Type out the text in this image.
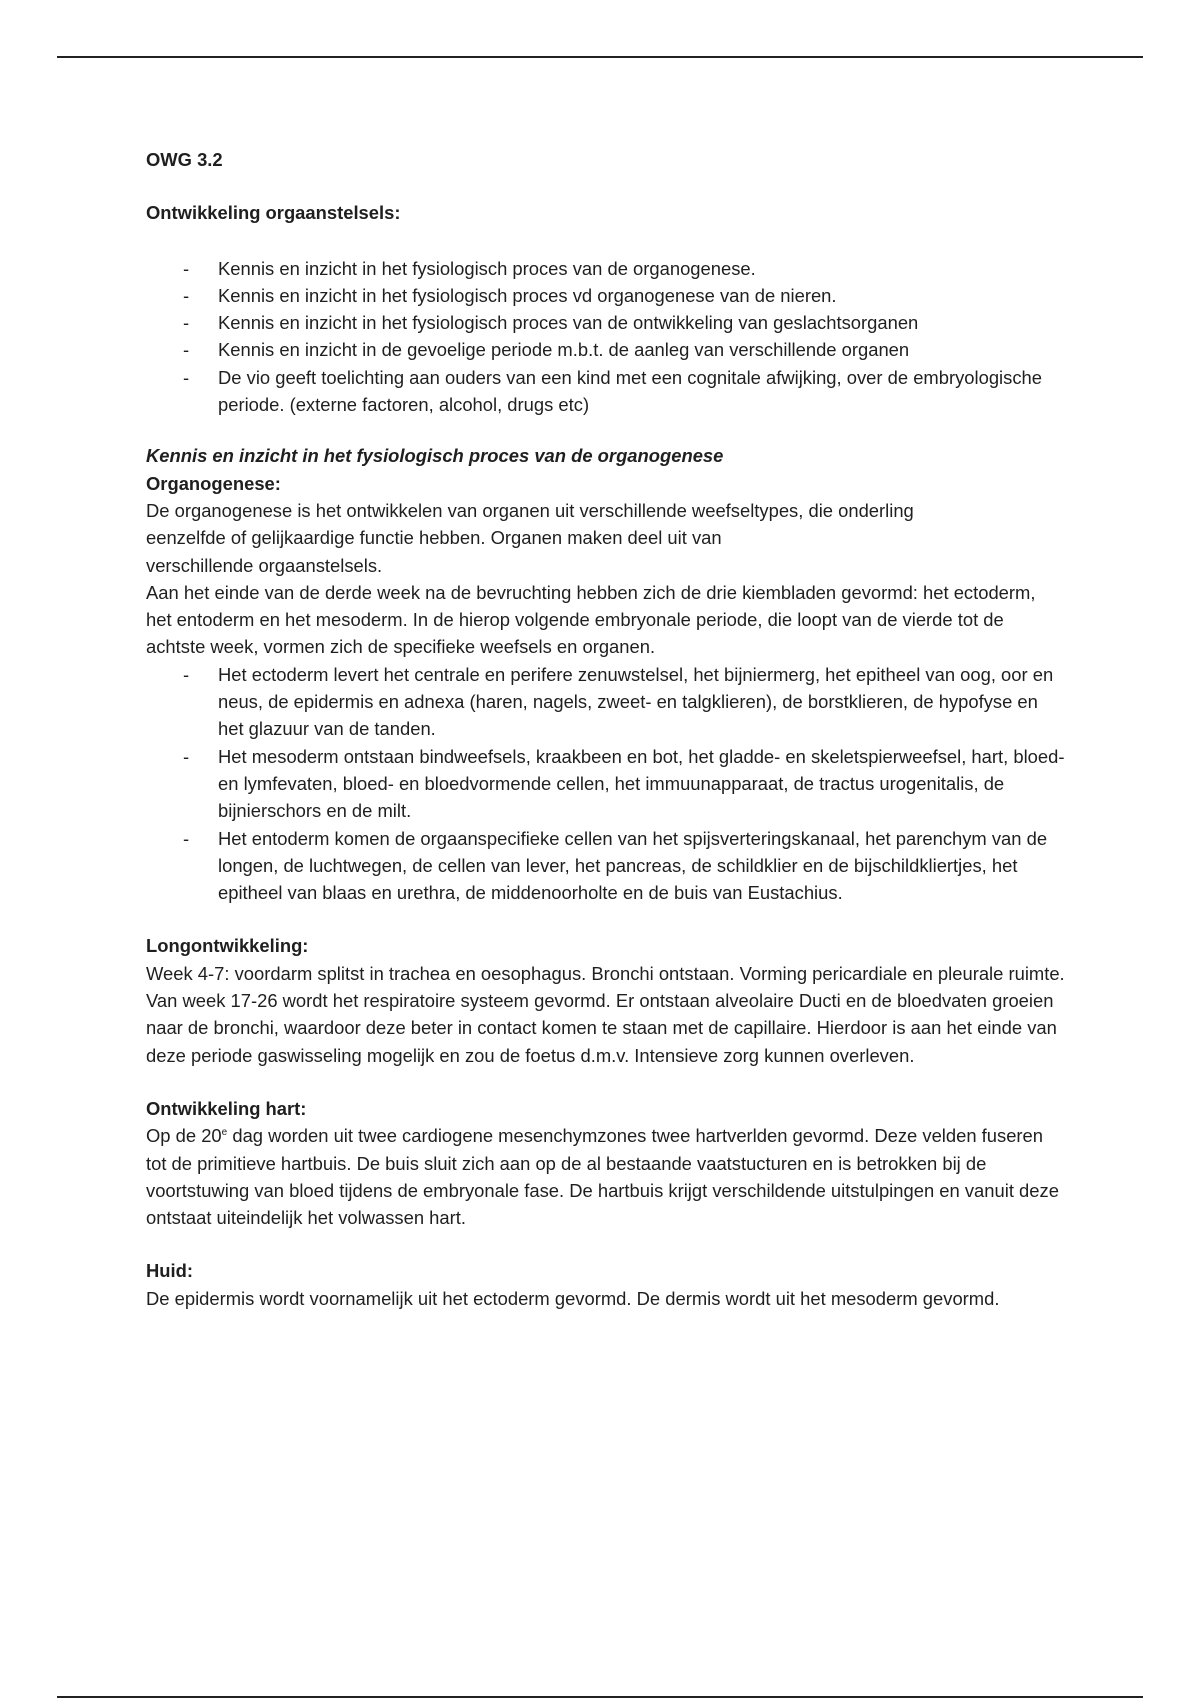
OWG 3.2

Ontwikkeling orgaanstelsels:

- Kennis en inzicht in het fysiologisch proces van de organogenese.
- Kennis en inzicht in het fysiologisch proces vd organogenese van de nieren.
- Kennis en inzicht in het fysiologisch proces van de ontwikkeling van geslachtsorganen
- Kennis en inzicht in de gevoelige periode m.b.t. de aanleg van verschillende organen
- De vio geeft toelichting aan ouders van een kind met een cognitale afwijking, over de embryologische periode. (externe factoren, alcohol, drugs etc)

Kennis en inzicht in het fysiologisch proces van de organogenese

Organogenese:

De organogenese is het ontwikkelen van organen uit verschillende weefseltypes, die onderling

eenzelfde of gelijkaardige functie hebben. Organen maken deel uit van

verschillende orgaanstelsels.

Aan het einde van de derde week na de bevruchting hebben zich de drie kiembladen gevormd: het ectoderm, het entoderm en het mesoderm. In de hierop volgende embryonale periode, die loopt van de vierde tot de achtste week, vormen zich de specifieke weefsels en organen.

- Het ectoderm levert het centrale en perifere zenuwstelsel, het bijniermerg, het epitheel van oog, oor en neus, de epidermis en adnexa (haren, nagels, zweet- en talgklieren), de borstklieren, de hypofyse en het glazuur van de tanden.
- Het mesoderm ontstaan bindweefsels, kraakbeen en bot, het gladde- en skeletspierweefsel, hart, bloed- en lymfevaten, bloed- en bloedvormende cellen, het immuunapparaat, de tractus urogenitalis, de bijnierschors en de milt.
- Het entoderm komen de orgaanspecifieke cellen van het spijsverteringskanaal, het parenchym van de longen, de luchtwegen, de cellen van lever, het pancreas, de schildklier en de bijschildkliertjes, het epitheel van blaas en urethra, de middenoorholte en de buis van Eustachius.

Longontwikkeling:

Week 4-7: voordarm splitst in trachea en oesophagus. Bronchi ontstaan. Vorming pericardiale en pleurale ruimte.

Van week 17-26 wordt het respiratoire systeem gevormd. Er ontstaan alveolaire Ducti en de bloedvaten groeien naar de bronchi, waardoor deze beter in contact komen te staan met de capillaire. Hierdoor is aan het einde van deze periode gaswisseling mogelijk en zou de foetus d.m.v. Intensieve zorg kunnen overleven.

Ontwikkeling hart:

Op de 20e dag worden uit twee cardiogene mesenchymzones twee hartverlden gevormd. Deze velden fuseren tot de primitieve hartbuis. De buis sluit zich aan op de al bestaande vaatstucturen en is betrokken bij de voortstuwing van bloed tijdens de embryonale fase. De hartbuis krijgt verschildende uitstulpingen en vanuit deze ontstaat uiteindelijk het volwassen hart.

Huid:

De epidermis wordt voornamelijk uit het ectoderm gevormd. De dermis wordt uit het mesoderm gevormd.
